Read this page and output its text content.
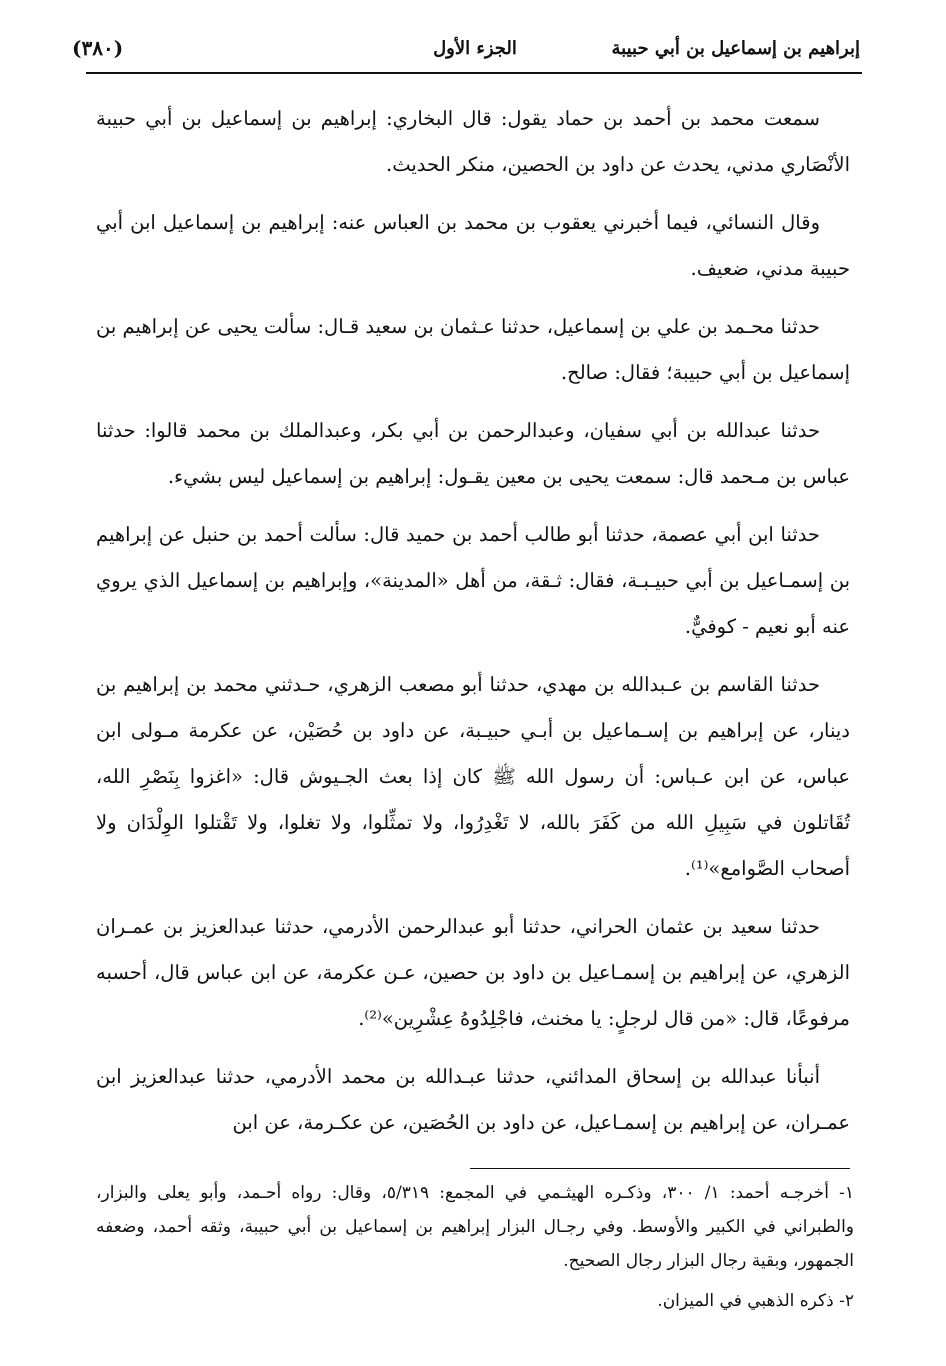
إبراهيم بن إسماعيل بن أبي حبيبة
الجزء الأول
(٣٨٠)

سمعت محمد بن أحمد بن حماد يقول: قال البخاري: إبراهيم بن إسماعيل بن أبي حبيبة الأنْصَاري مدني، يحدث عن داود بن الحصين، منكر الحديث.

وقال النسائي، فيما أخبرني يعقوب بن محمد بن العباس عنه: إبراهيم بن إسماعيل ابن أبي حبيبة مدني، ضعيف.

حدثنا محـمد بن علي بن إسماعيل، حدثنا عـثمان بن سعيد قـال: سألت يحيى عن إبراهيم بن إسماعيل بن أبي حبيبة؛ فقال: صالح.

حدثنا عبدالله بن أبي سفيان، وعبدالرحمن بن أبي بكر، وعبدالملك بن محمد قالوا: حدثنا عباس بن مـحمد قال: سمعت يحيى بن معين يقـول: إبراهيم بن إسماعيل ليس بشيء.

حدثنا ابن أبي عصمة، حدثنا أبو طالب أحمد بن حميد قال: سألت أحمد بن حنبل عن إبراهيم بن إسمـاعيل بن أبي حبيـبـة، فقال: ثـقة، من أهل «المدينة»، وإبراهيم بن إسماعيل الذي يروي عنه أبو نعيم - كوفيٌّ.

حدثنا القاسم بن عـبدالله بن مهدي، حدثنا أبو مصعب الزهري، حـدثني محمد بن إبراهيم بن دينار، عن إبراهيم بن إسـماعيل بن أبـي حبيـبة، عن داود بن حُصَيْن، عن عكرمة مـولى ابن عباس، عن ابن عـباس: أن رسول الله ﷺ كان إذا بعث الجـيوش قال: «اغزوا بِنَصْرِ الله، تُقَاتلون في سَبِيلِ الله من كَفَرَ بالله، لا تَغْدِرُوا، ولا تمثِّلوا، ولا تغلوا، ولا تَقْتلوا الوِلْدَان ولا أصحاب الصَّوامع»⁽¹⁾.

حدثنا سعيد بن عثمان الحراني، حدثنا أبو عبدالرحمن الأدرمي، حدثنا عبدالعزيز بن عمـران الزهري، عن إبراهيم بن إسمـاعيل بن داود بن حصين، عـن عكرمة، عن ابن عباس قال، أحسبه مرفوعًا، قال: «من قال لرجلٍ: يا مخنث، فاجْلِدُوهُ عِشْرِين»⁽²⁾.

أنبأنا عبدالله بن إسحاق المدائني، حدثنا عبـدالله بن محمد الأدرمي، حدثنا عبدالعزيز ابن عمـران، عن إبراهيم بن إسمـاعيل، عن داود بن الحُصَين، عن عكـرمة، عن ابن

١- أخرجـه أحمد: ١/ ٣٠٠، وذكـره الهيثـمي في المجمع: ٥/٣١٩، وقال: رواه أحـمد، وأبو يعلى والبزار، والطبراني في الكبير والأوسط. وفي رجـال البزار إبراهيم بن إسماعيل بن أبي حبيبة، وثقه أحمد، وضعفه الجمهور، وبقية رجال البزار رجال الصحيح.

٢- ذكره الذهبي في الميزان.
